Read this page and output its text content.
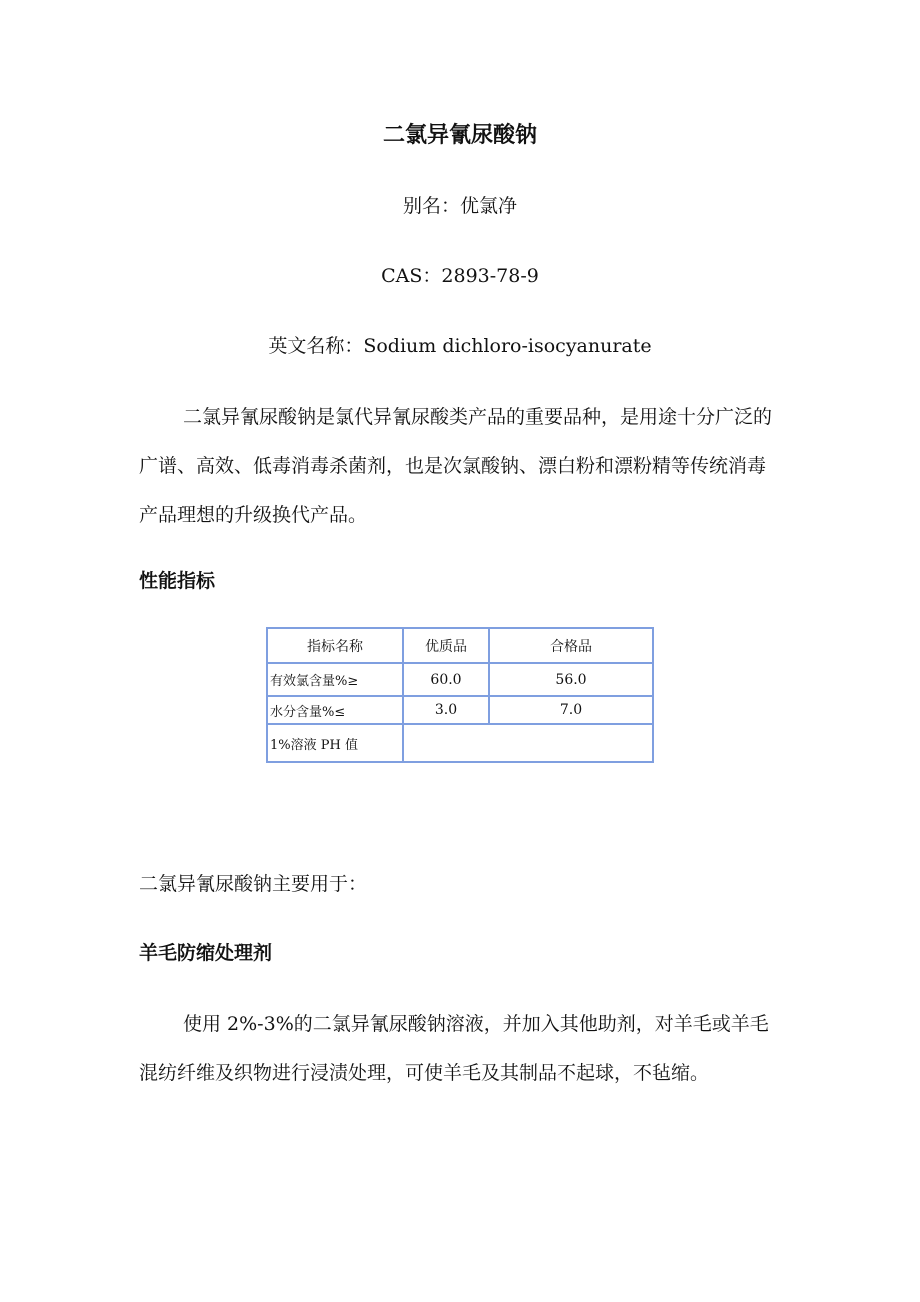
二氯异氰尿酸钠
别名：优氯净
CAS：2893-78-9
英文名称：Sodium dichloro-isocyanurate

二氯异氰尿酸钠是氯代异氰尿酸类产品的重要品种，是用途十分广泛的广谱、高效、低毒消毒杀菌剂，也是次氯酸钠、漂白粉和漂粉精等传统消毒产品理想的升级换代产品。

性能指标
指标名称	优质品	合格品
有效氯含量%≥	60.0	56.0
水分含量%≤	3.0	7.0
1%溶液 PH 值		
二氯异氰尿酸钠主要用于：
羊毛防缩处理剂

使用 2%-3%的二氯异氰尿酸钠溶液，并加入其他助剂，对羊毛或羊毛混纺纤维及织物进行浸渍处理，可使羊毛及其制品不起球，不毡缩。
